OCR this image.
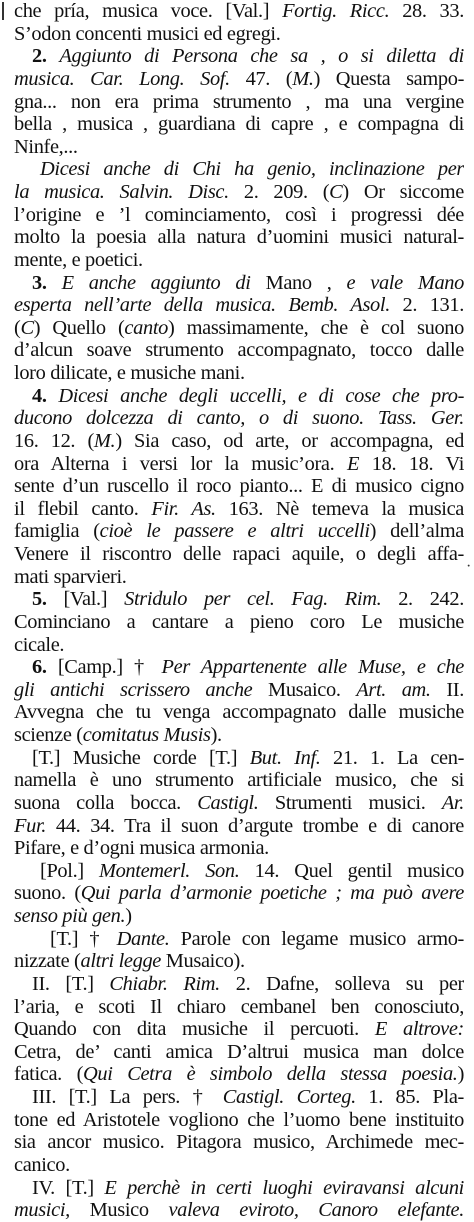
·
che pría, musica voce. [Val.] Fortig. Ricc. 28. 33.
S’odon concenti musici ed egregi.
2. Aggiunto di Persona che sa , o si diletta di
musica. Car. Long. Sof. 47. (M.) Questa sampo-
gna... non era prima strumento , ma una vergine
bella , musica , guardiana di capre , e compagna di
Ninfe,...
Dicesi anche di Chi ha genio, inclinazione per
la musica. Salvin. Disc. 2. 209. (C) Or siccome
l’origine e ’l cominciamento, così i progressi dée
molto la poesia alla natura d’uomini musici natural-
mente, e poetici.
3. E anche aggiunto di Mano , e vale Mano
esperta nell’arte della musica. Bemb. Asol. 2. 131.
(C) Quello (canto) massimamente, che è col suono
d’alcun soave strumento accompagnato, tocco dalle
loro dilicate, e musiche mani.
4. Dicesi anche degli uccelli, e di cose che pro-
ducono dolcezza di canto, o di suono. Tass. Ger.
16. 12. (M.) Sia caso, od arte, or accompagna, ed
ora Alterna i versi lor la music’ora. E 18. 18. Vi
sente d’un ruscello il roco pianto... E di musico cigno
il flebil canto. Fir. As. 163. Nè temeva la musica
famiglia (cioè le passere e altri uccelli) dell’alma
Venere il riscontro delle rapaci aquile, o degli affa-
mati sparvieri.
5. [Val.] Stridulo per cel. Fag. Rim. 2. 242.
Cominciano a cantare a pieno coro Le musiche
cicale.
6. [Camp.] † Per Appartenente alle Muse, e che
gli antichi scrissero anche Musaico. Art. am. II.
Avvegna che tu venga accompagnato dalle musiche
scienze (comitatus Musis).
[T.] Musiche corde [T.] But. Inf. 21. 1. La cen-
namella è uno strumento artificiale musico, che si
suona colla bocca. Castigl. Strumenti musici. Ar.
Fur. 44. 34. Tra il suon d’argute trombe e di canore
Pifare, e d’ogni musica armonia.
[Pol.] Montemerl. Son. 14. Quel gentil musico
suono. (Qui parla d’armonie poetiche ; ma può avere
senso più gen.)
[T.] † Dante. Parole con legame musico armo-
nizzate (altri legge Musaico).
II. [T.] Chiabr. Rim. 2. Dafne, solleva su per
l’aria, e scoti Il chiaro cembanel ben conosciuto,
Quando con dita musiche il percuoti. E altrove:
Cetra, de’ canti amica D’altrui musica man dolce
fatica. (Qui Cetra è simbolo della stessa poesia.)
III. [T.] La pers. † Castigl. Corteg. 1. 85. Pla-
tone ed Aristotele vogliono che l’uomo bene instituito
sia ancor musico. Pitagora musico, Archimede mec-
canico.
IV. [T.] E perchè in certi luoghi eviravansi alcuni
musici, Musico valeva eviroto, Canoro elefante.
